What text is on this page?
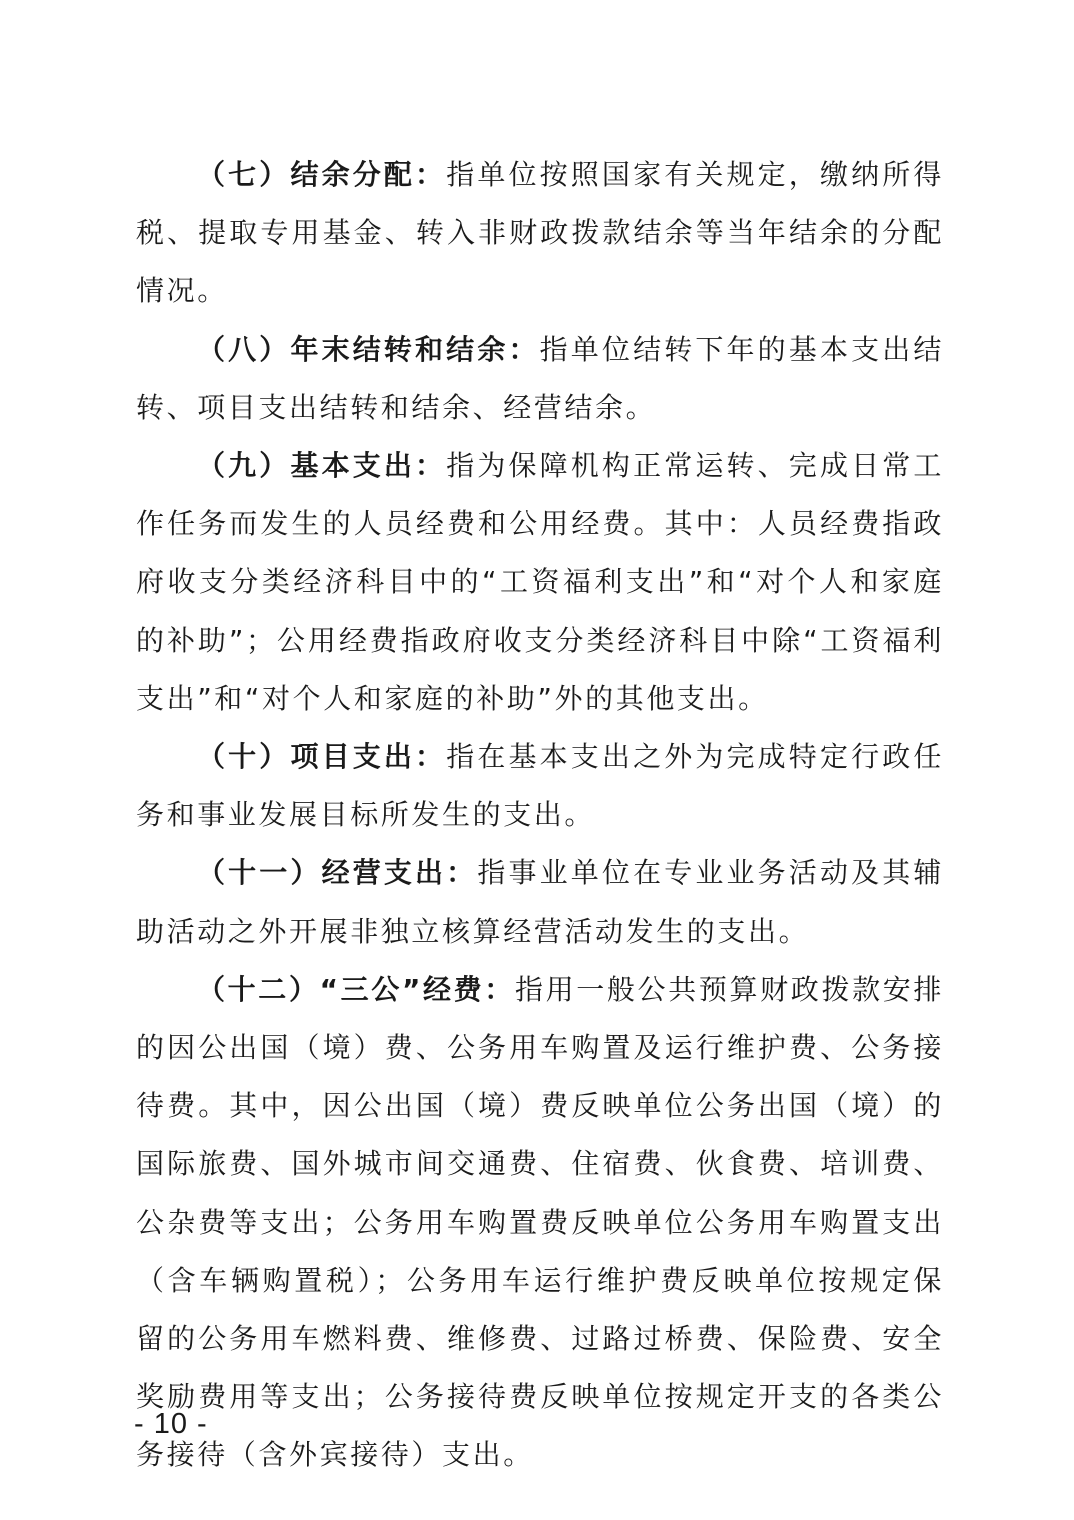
（七）结余分配：指单位按照国家有关规定，缴纳所得税、提取专用基金、转入非财政拨款结余等当年结余的分配情况。

（八）年末结转和结余：指单位结转下年的基本支出结转、项目支出结转和结余、经营结余。

（九）基本支出：指为保障机构正常运转、完成日常工作任务而发生的人员经费和公用经费。其中：人员经费指政府收支分类经济科目中的“工资福利支出”和“对个人和家庭的补助”；公用经费指政府收支分类经济科目中除“工资福利支出”和“对个人和家庭的补助”外的其他支出。

（十）项目支出：指在基本支出之外为完成特定行政任务和事业发展目标所发生的支出。

（十一）经营支出：指事业单位在专业业务活动及其辅助活动之外开展非独立核算经营活动发生的支出。

（十二）“三公”经费：指用一般公共预算财政拨款安排的因公出国（境）费、公务用车购置及运行维护费、公务接待费。其中，因公出国（境）费反映单位公务出国（境）的国际旅费、国外城市间交通费、住宿费、伙食费、培训费、公杂费等支出；公务用车购置费反映单位公务用车购置支出（含车辆购置税）；公务用车运行维护费反映单位按规定保留的公务用车燃料费、维修费、过路过桥费、保险费、安全奖励费用等支出；公务接待费反映单位按规定开支的各类公务接待（含外宾接待）支出。

- 10 -
